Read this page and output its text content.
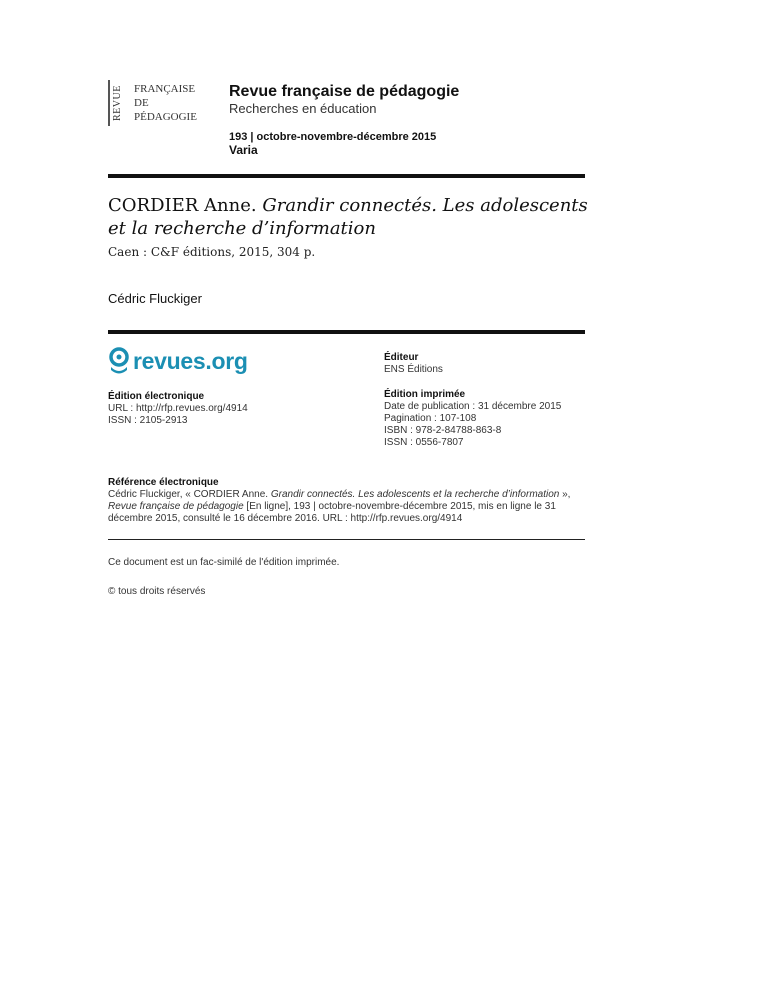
REVUE FRANÇAISE
DE
PÉDAGOGIE
Revue française de pédagogie
Recherches en éducation
193 | octobre-novembre-décembre 2015
Varia
CORDIER Anne. Grandir connectés. Les adolescents et la recherche d’information
Caen : C&F éditions, 2015, 304 p.
Cédric Fluckiger
revues.org	Éditeur
ENS Éditions
Édition électronique
URL : http://rfp.revues.org/4914
ISSN : 2105-2913
Édition imprimée
Date de publication : 31 décembre 2015
Pagination : 107-108
ISBN : 978-2-84788-863-8
ISSN : 0556-7807
Référence électronique
Cédric Fluckiger, « CORDIER Anne. Grandir connectés. Les adolescents et la recherche d’information », Revue française de pédagogie [En ligne], 193 | octobre-novembre-décembre 2015, mis en ligne le 31 décembre 2015, consulté le 16 décembre 2016. URL : http://rfp.revues.org/4914
Ce document est un fac-similé de l'édition imprimée.
© tous droits réservés
